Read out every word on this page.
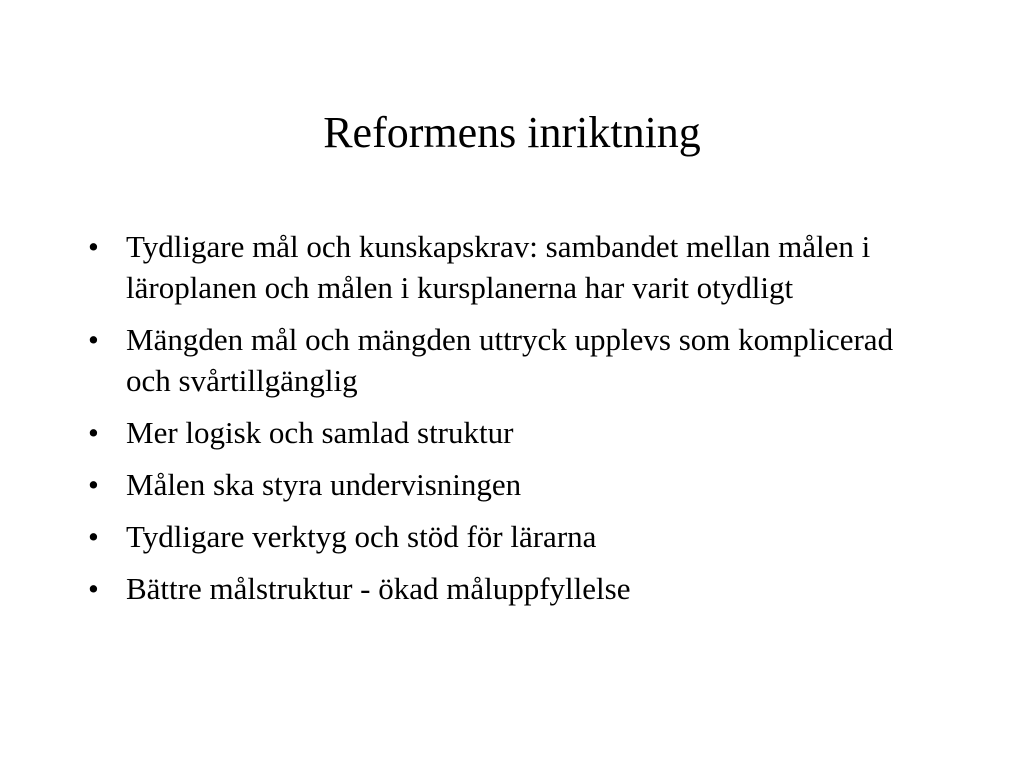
Reformens inriktning
• Tydligare mål och kunskapskrav: sambandet mellan målen i läroplanen och målen i kursplanerna har varit otydligt
• Mängden mål och mängden uttryck upplevs som komplicerad och svårtillgänglig
• Mer logisk och samlad struktur
• Målen ska styra undervisningen
• Tydligare verktyg och stöd för lärarna
• Bättre målstruktur - ökad måluppfyllelse
